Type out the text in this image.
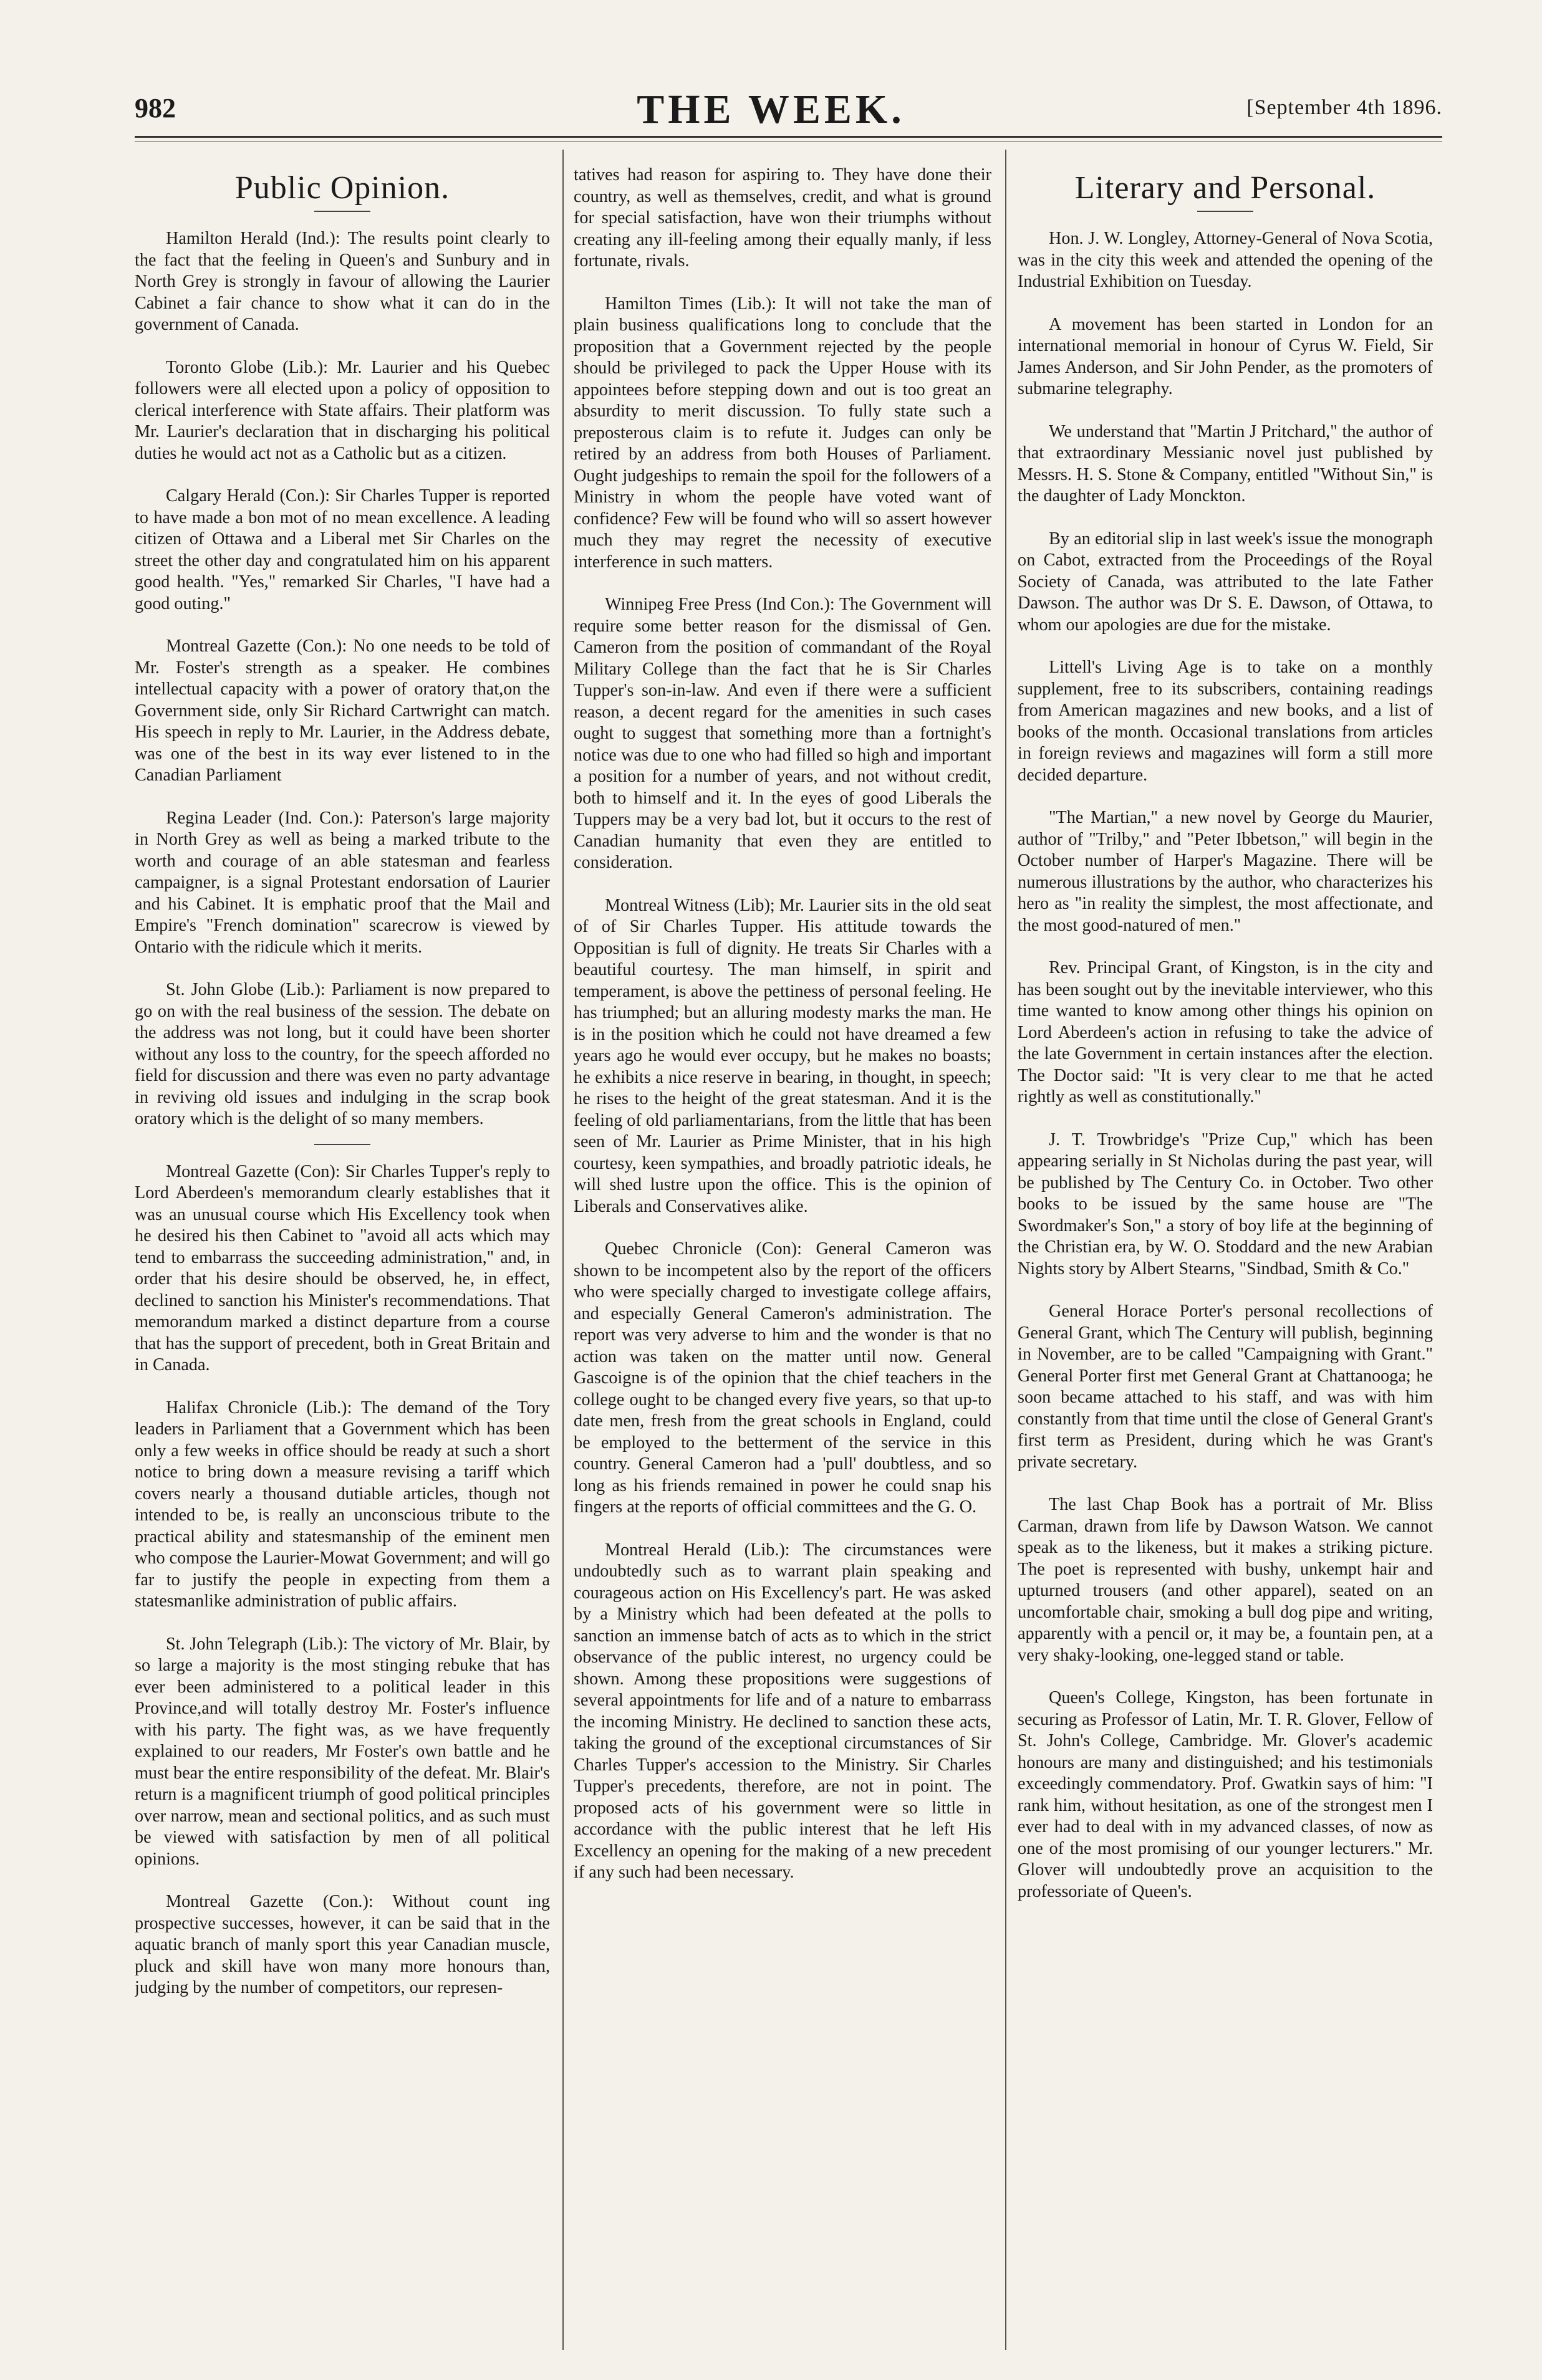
982	THE WEEK.	[September 4th 1896.
Public Opinion.

Hamilton Herald (Ind.): The results point clearly to the fact that the feeling in Queen's and Sunbury and in North Grey is strongly in favour of allowing the Laurier Cabinet a fair chance to show what it can do in the government of Canada.

Toronto Globe (Lib.): Mr. Laurier and his Quebec followers were all elected upon a policy of opposition to clerical interference with State affairs. Their platform was Mr. Laurier's declaration that in discharging his political duties he would act not as a Catholic but as a citizen.

Calgary Herald (Con.): Sir Charles Tupper is reported to have made a bon mot of no mean excellence. A leading citizen of Ottawa and a Liberal met Sir Charles on the street the other day and congratulated him on his apparent good health. "Yes," remarked Sir Charles, "I have had a good outing."

Montreal Gazette (Con.): No one needs to be told of Mr. Foster's strength as a speaker. He combines intellectual capacity with a power of oratory that,on the Government side, only Sir Richard Cartwright can match. His speech in reply to Mr. Laurier, in the Address debate, was one of the best in its way ever listened to in the Canadian Parliament

Regina Leader (Ind. Con.): Paterson's large majority in North Grey as well as being a marked tribute to the worth and courage of an able statesman and fearless campaigner, is a signal Protestant endorsation of Laurier and his Cabinet. It is emphatic proof that the Mail and Empire's "French domination" scarecrow is viewed by Ontario with the ridicule which it merits.

St. John Globe (Lib.): Parliament is now prepared to go on with the real business of the session. The debate on the address was not long, but it could have been shorter without any loss to the country, for the speech afforded no field for discussion and there was even no party advantage in reviving old issues and indulging in the scrap book oratory which is the delight of so many members.

Montreal Gazette (Con): Sir Charles Tupper's reply to Lord Aberdeen's memorandum clearly establishes that it was an unusual course which His Excellency took when he desired his then Cabinet to "avoid all acts which may tend to embarrass the succeeding administration," and, in order that his desire should be observed, he, in effect, declined to sanction his Minister's recommendations. That memorandum marked a distinct departure from a course that has the support of precedent, both in Great Britain and in Canada.

Halifax Chronicle (Lib.): The demand of the Tory leaders in Parliament that a Government which has been only a few weeks in office should be ready at such a short notice to bring down a measure revising a tariff which covers nearly a thousand dutiable articles, though not intended to be, is really an unconscious tribute to the practical ability and statesmanship of the eminent men who compose the Laurier-Mowat Government; and will go far to justify the people in expecting from them a statesmanlike administration of public affairs.

St. John Telegraph (Lib.): The victory of Mr. Blair, by so large a majority is the most stinging rebuke that has ever been administered to a political leader in this Province,and will totally destroy Mr. Foster's influence with his party. The fight was, as we have frequently explained to our readers, Mr Foster's own battle and he must bear the entire responsibility of the defeat. Mr. Blair's return is a magnificent triumph of good political principles over narrow, mean and sectional politics, and as such must be viewed with satisfaction by men of all political opinions.

Montreal Gazette (Con.): Without count ing prospective successes, however, it can be said that in the aquatic branch of manly sport this year Canadian muscle, pluck and skill have won many more honours than, judging by the number of competitors, our represen-

tatives had reason for aspiring to. They have done their country, as well as themselves, credit, and what is ground for special satisfaction, have won their triumphs without creating any ill-feeling among their equally manly, if less fortunate, rivals.

Hamilton Times (Lib.): It will not take the man of plain business qualifications long to conclude that the proposition that a Government rejected by the people should be privileged to pack the Upper House with its appointees before stepping down and out is too great an absurdity to merit discussion. To fully state such a preposterous claim is to refute it. Judges can only be retired by an address from both Houses of Parliament. Ought judgeships to remain the spoil for the followers of a Ministry in whom the people have voted want of confidence? Few will be found who will so assert however much they may regret the necessity of executive interference in such matters.

Winnipeg Free Press (Ind Con.): The Government will require some better reason for the dismissal of Gen. Cameron from the position of commandant of the Royal Military College than the fact that he is Sir Charles Tupper's son-in-law. And even if there were a sufficient reason, a decent regard for the amenities in such cases ought to suggest that something more than a fortnight's notice was due to one who had filled so high and important a position for a number of years, and not without credit, both to himself and it. In the eyes of good Liberals the Tuppers may be a very bad lot, but it occurs to the rest of Canadian humanity that even they are entitled to consideration.

Montreal Witness (Lib); Mr. Laurier sits in the old seat of of Sir Charles Tupper. His attitude towards the Oppositian is full of dignity. He treats Sir Charles with a beautiful courtesy. The man himself, in spirit and temperament, is above the pettiness of personal feeling. He has triumphed; but an alluring modesty marks the man. He is in the position which he could not have dreamed a few years ago he would ever occupy, but he makes no boasts; he exhibits a nice reserve in bearing, in thought, in speech; he rises to the height of the great statesman. And it is the feeling of old parliamentarians, from the little that has been seen of Mr. Laurier as Prime Minister, that in his high courtesy, keen sympathies, and broadly patriotic ideals, he will shed lustre upon the office. This is the opinion of Liberals and Conservatives alike.

Quebec Chronicle (Con): General Cameron was shown to be incompetent also by the report of the officers who were specially charged to investigate college affairs, and especially General Cameron's administration. The report was very adverse to him and the wonder is that no action was taken on the matter until now. General Gascoigne is of the opinion that the chief teachers in the college ought to be changed every five years, so that up-to date men, fresh from the great schools in England, could be employed to the betterment of the service in this country. General Cameron had a 'pull' doubtless, and so long as his friends remained in power he could snap his fingers at the reports of official committees and the G. O.

Montreal Herald (Lib.): The circumstances were undoubtedly such as to warrant plain speaking and courageous action on His Excellency's part. He was asked by a Ministry which had been defeated at the polls to sanction an immense batch of acts as to which in the strict observance of the public interest, no urgency could be shown. Among these propositions were suggestions of several appointments for life and of a nature to embarrass the incoming Ministry. He declined to sanction these acts, taking the ground of the exceptional circumstances of Sir Charles Tupper's accession to the Ministry. Sir Charles Tupper's precedents, therefore, are not in point. The proposed acts of his government were so little in accordance with the public interest that he left His Excellency an opening for the making of a new precedent if any such had been necessary.

Literary and Personal.

Hon. J. W. Longley, Attorney-General of Nova Scotia, was in the city this week and attended the opening of the Industrial Exhibition on Tuesday.

A movement has been started in London for an international memorial in honour of Cyrus W. Field, Sir James Anderson, and Sir John Pender, as the promoters of submarine telegraphy.

We understand that "Martin J Pritchard," the author of that extraordinary Messianic novel just published by Messrs. H. S. Stone & Company, entitled "Without Sin," is the daughter of Lady Monckton.

By an editorial slip in last week's issue the monograph on Cabot, extracted from the Proceedings of the Royal Society of Canada, was attributed to the late Father Dawson. The author was Dr S. E. Dawson, of Ottawa, to whom our apologies are due for the mistake.

Littell's Living Age is to take on a monthly supplement, free to its subscribers, containing readings from American magazines and new books, and a list of books of the month. Occasional translations from articles in foreign reviews and magazines will form a still more decided departure.

"The Martian," a new novel by George du Maurier, author of "Trilby," and "Peter Ibbetson," will begin in the October number of Harper's Magazine. There will be numerous illustrations by the author, who characterizes his hero as "in reality the simplest, the most affectionate, and the most good-natured of men."

Rev. Principal Grant, of Kingston, is in the city and has been sought out by the inevitable interviewer, who this time wanted to know among other things his opinion on Lord Aberdeen's action in refusing to take the advice of the late Government in certain instances after the election. The Doctor said: "It is very clear to me that he acted rightly as well as constitutionally."

J. T. Trowbridge's "Prize Cup," which has been appearing serially in St Nicholas during the past year, will be published by The Century Co. in October. Two other books to be issued by the same house are "The Swordmaker's Son," a story of boy life at the beginning of the Christian era, by W. O. Stoddard and the new Arabian Nights story by Albert Stearns, "Sindbad, Smith & Co."

General Horace Porter's personal recollections of General Grant, which The Century will publish, beginning in November, are to be called "Campaigning with Grant." General Porter first met General Grant at Chattanooga; he soon became attached to his staff, and was with him constantly from that time until the close of General Grant's first term as President, during which he was Grant's private secretary.

The last Chap Book has a portrait of Mr. Bliss Carman, drawn from life by Dawson Watson. We cannot speak as to the likeness, but it makes a striking picture. The poet is represented with bushy, unkempt hair and upturned trousers (and other apparel), seated on an uncomfortable chair, smoking a bull dog pipe and writing, apparently with a pencil or, it may be, a fountain pen, at a very shaky-looking, one-legged stand or table.

Queen's College, Kingston, has been fortunate in securing as Professor of Latin, Mr. T. R. Glover, Fellow of St. John's College, Cambridge. Mr. Glover's academic honours are many and distinguished; and his testimonials exceedingly commendatory. Prof. Gwatkin says of him: "I rank him, without hesitation, as one of the strongest men I ever had to deal with in my advanced classes, of now as one of the most promising of our younger lecturers." Mr. Glover will undoubtedly prove an acquisition to the professoriate of Queen's.
